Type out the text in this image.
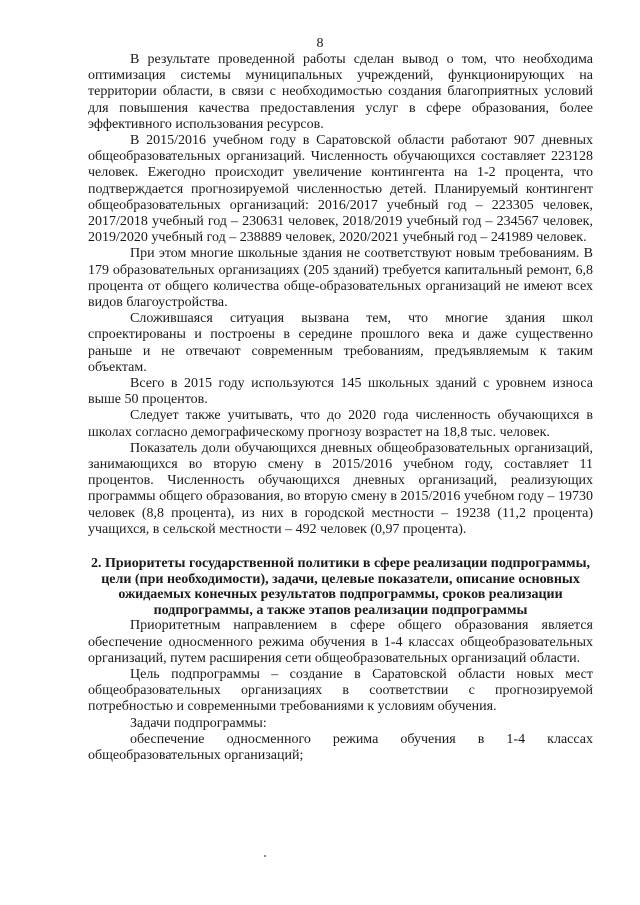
8

В результате проведенной работы сделан вывод о том, что необходима оптимизация системы муниципальных учреждений, функционирующих на территории области, в связи с необходимостью создания благоприятных условий для повышения качества предоставления услуг в сфере образования, более эффективного использования ресурсов.

В 2015/2016 учебном году в Саратовской области работают 907 дневных общеобразовательных организаций. Численность обучающихся составляет 223128 человек. Ежегодно происходит увеличение контингента на 1-2 процента, что подтверждается прогнозируемой численностью детей. Планируемый контингент общеобразовательных организаций: 2016/2017 учебный год – 223305 человек, 2017/2018 учебный год – 230631 человек, 2018/2019 учебный год – 234567 человек, 2019/2020 учебный год – 238889 человек, 2020/2021 учебный год – 241989 человек.

При этом многие школьные здания не соответствуют новым требованиям. В 179 образовательных организациях (205 зданий) требуется капитальный ремонт, 6,8 процента от общего количества обще-образовательных организаций не имеют всех видов благоустройства.

Сложившаяся ситуация вызвана тем, что многие здания школ спроектированы и построены в середине прошлого века и даже существенно раньше и не отвечают современным требованиям, предъявляемым к таким объектам.

Всего в 2015 году используются 145 школьных зданий с уровнем износа выше 50 процентов.

Следует также учитывать, что до 2020 года численность обучающихся в школах согласно демографическому прогнозу возрастет на 18,8 тыс. человек.

Показатель доли обучающихся дневных общеобразовательных организаций, занимающихся во вторую смену в 2015/2016 учебном году, составляет 11 процентов. Численность обучающихся дневных организаций, реализующих программы общего образования, во вторую смену в 2015/2016 учебном году – 19730 человек (8,8 процента), из них в городской местности – 19238 (11,2 процента) учащихся, в сельской местности – 492 человек (0,97 процента).

2. Приоритеты государственной политики в сфере реализации подпрограммы, цели (при необходимости), задачи, целевые показатели, описание основных ожидаемых конечных результатов подпрограммы, сроков реализации подпрограммы, а также этапов реализации подпрограммы

Приоритетным направлением в сфере общего образования является обеспечение односменного режима обучения в 1-4 классах общеобразовательных организаций, путем расширения сети общеобразовательных организаций области.

Цель подпрограммы – создание в Саратовской области новых мест общеобразовательных организациях в соответствии с прогнозируемой потребностью и современными требованиями к условиям обучения.

Задачи подпрограммы:

обеспечение односменного режима обучения в 1-4 классах общеобразовательных организаций;
